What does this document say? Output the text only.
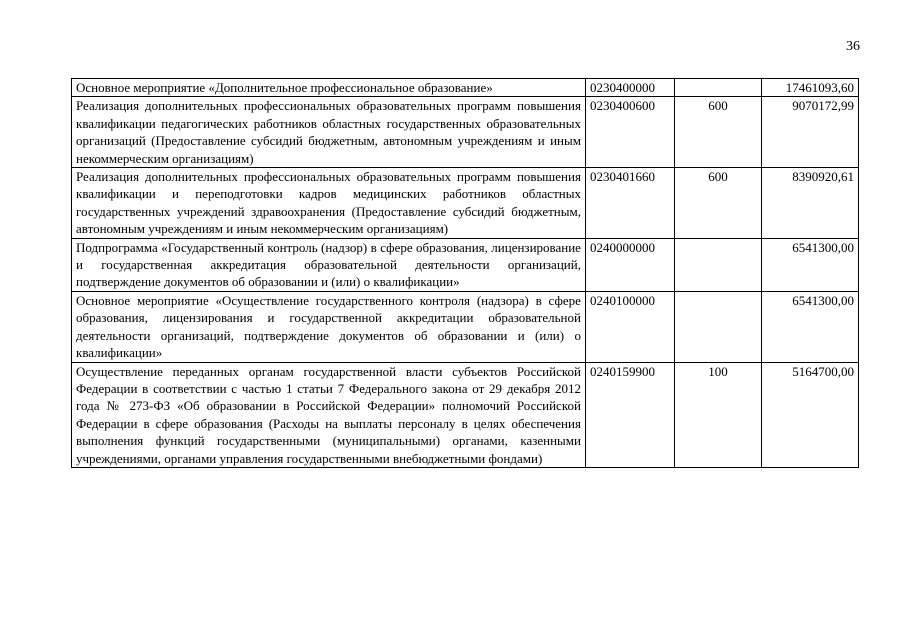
36
Основное мероприятие «Дополнительное профессиональное образование»	0230400000		17461093,60
Реализация дополнительных профессиональных образовательных программ повышения квалификации педагогических работников областных государственных образовательных организаций (Предоставление субсидий бюджетным, автономным учреждениям и иным некоммерческим организациям)	0230400600	600	9070172,99
Реализация дополнительных профессиональных образовательных программ повышения квалификации и переподготовки кадров медицинских работников областных государственных учреждений здравоохранения (Предоставление субсидий бюджетным, автономным учреждениям и иным некоммерческим организациям)	0230401660	600	8390920,61
Подпрограмма «Государственный контроль (надзор) в сфере образования, лицензирование и государственная аккредитация образовательной деятельности организаций, подтверждение документов об образовании и (или) о квалификации»	0240000000		6541300,00
Основное мероприятие «Осуществление государственного контроля (надзора) в сфере образования, лицензирования и государственной аккредитации образовательной деятельности организаций, подтверждение документов об образовании и (или) о квалификации»	0240100000		6541300,00
Осуществление переданных органам государственной власти субъектов Российской Федерации в соответствии с частью 1 статьи 7 Федерального закона от 29 декабря 2012 года № 273-ФЗ «Об образовании в Российской Федерации» полномочий Российской Федерации в сфере образования (Расходы на выплаты персоналу в целях обеспечения выполнения функций государственными (муниципальными) органами, казенными учреждениями, органами управления государственными внебюджетными фондами)	0240159900	100	5164700,00
